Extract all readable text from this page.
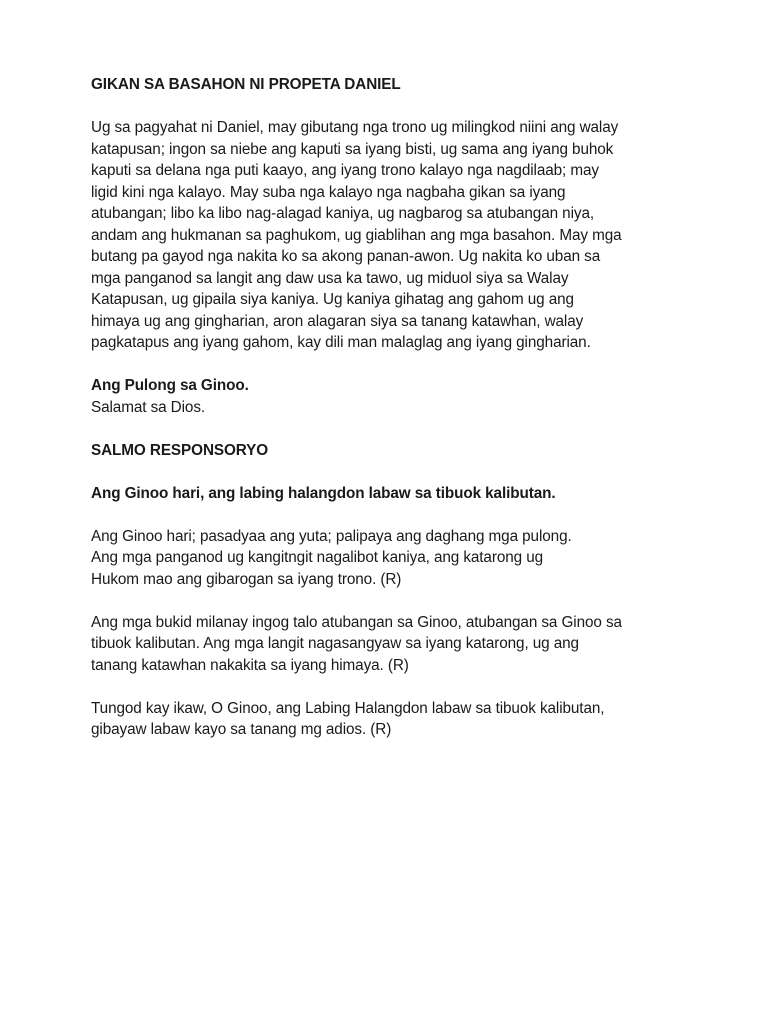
GIKAN SA BASAHON NI PROPETA DANIEL

Ug sa pagyahat ni Daniel, may gibutang nga trono ug milingkod niini ang walay
katapusan; ingon sa niebe ang kaputi sa iyang bisti, ug sama ang iyang buhok
kaputi sa delana nga puti kaayo, ang iyang trono kalayo nga nagdilaab; may
ligid kini nga kalayo. May suba nga kalayo nga nagbaha gikan sa iyang
atubangan; libo ka libo nag-alagad kaniya, ug nagbarog sa atubangan niya,
andam ang hukmanan sa paghukom, ug giablihan ang mga basahon. May mga
butang pa gayod nga nakita ko sa akong panan-awon. Ug nakita ko uban sa
mga panganod sa langit ang daw usa ka tawo, ug miduol siya sa Walay
Katapusan, ug gipaila siya kaniya. Ug kaniya gihatag ang gahom ug ang
himaya ug ang gingharian, aron alagaran siya sa tanang katawhan, walay
pagkatapus ang iyang gahom, kay dili man malaglag ang iyang gingharian.

Ang Pulong sa Ginoo.

Salamat sa Dios.

SALMO RESPONSORYO

Ang Ginoo hari, ang labing halangdon labaw sa tibuok kalibutan.

Ang Ginoo hari; pasadyaa ang yuta; palipaya ang daghang mga pulong.
Ang mga panganod ug kangitngit nagalibot kaniya, ang katarong ug
Hukom mao ang gibarogan sa iyang trono. (R)

Ang mga bukid milanay ingog talo atubangan sa Ginoo, atubangan sa Ginoo sa
tibuok kalibutan. Ang mga langit nagasangyaw sa iyang katarong, ug ang
tanang katawhan nakakita sa iyang himaya. (R)

Tungod kay ikaw, O Ginoo, ang Labing Halangdon labaw sa tibuok kalibutan,
gibayaw labaw kayo sa tanang mg adios. (R)
